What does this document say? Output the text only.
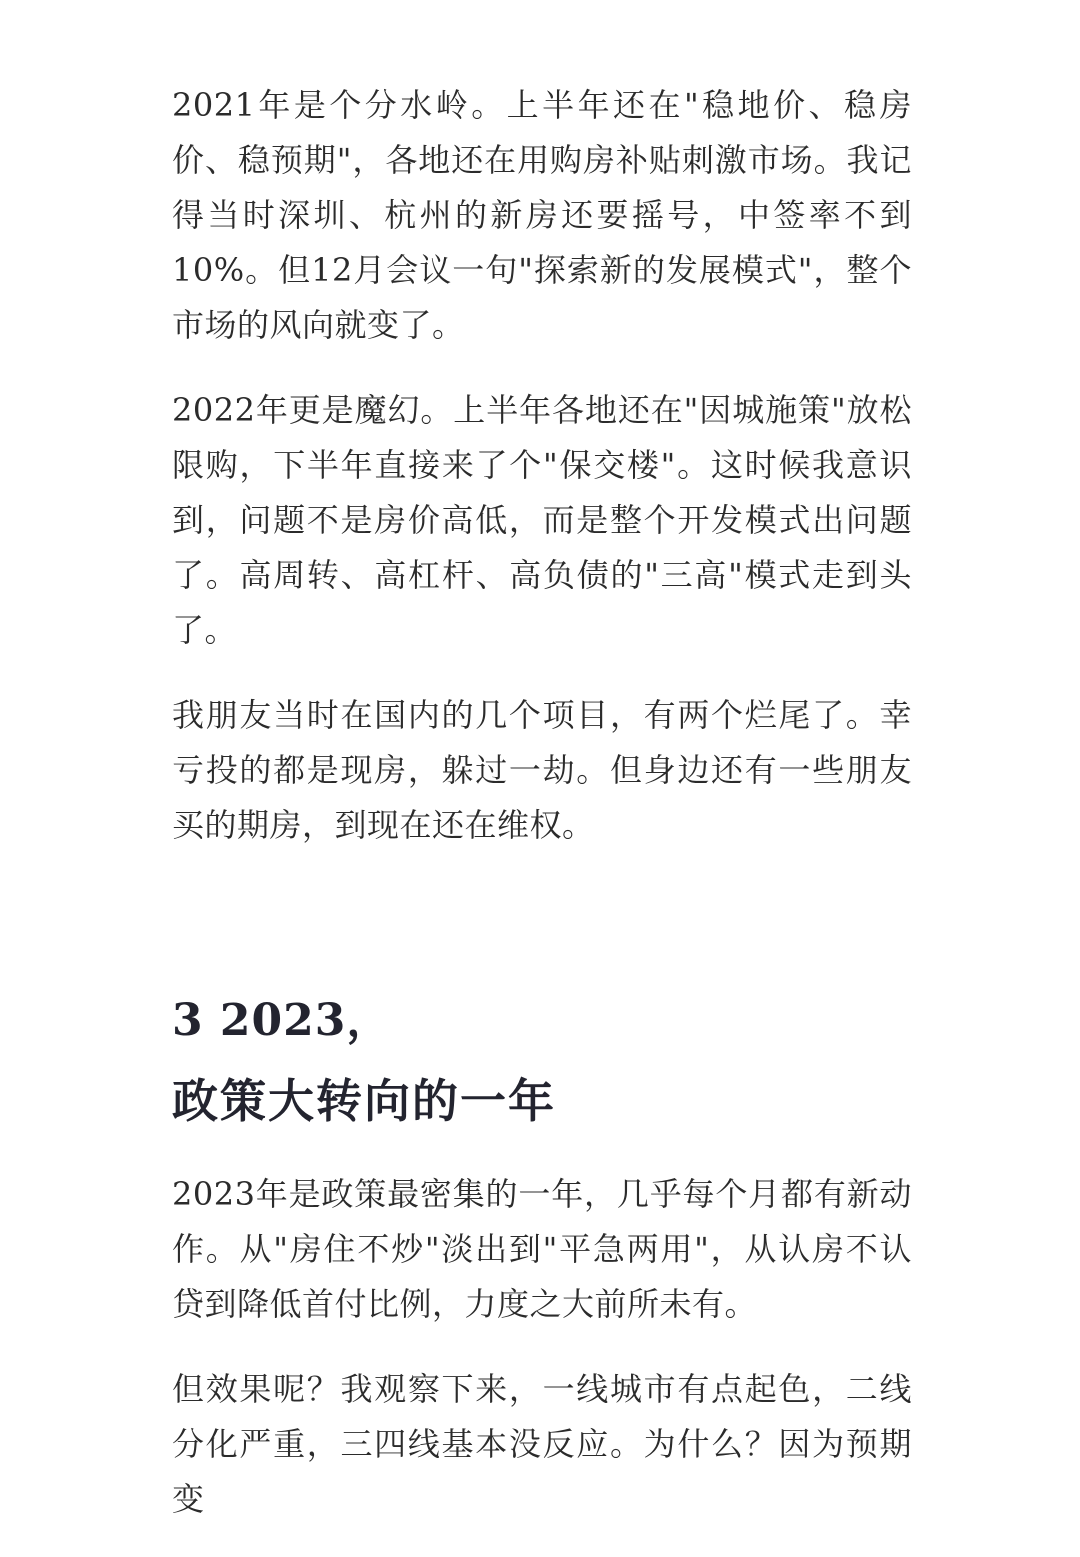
2021年是个分水岭。上半年还在"稳地价、稳房价、稳预期"，各地还在用购房补贴刺激市场。我记得当时深圳、杭州的新房还要摇号，中签率不到10%。但12月会议一句"探索新的发展模式"，整个市场的风向就变了。

2022年更是魔幻。上半年各地还在"因城施策"放松限购，下半年直接来了个"保交楼"。这时候我意识到，问题不是房价高低，而是整个开发模式出问题了。高周转、高杠杆、高负债的"三高"模式走到头了。

我朋友当时在国内的几个项目，有两个烂尾了。幸亏投的都是现房，躲过一劫。但身边还有一些朋友买的期房，到现在还在维权。

3 2023，
政策大转向的一年

2023年是政策最密集的一年，几乎每个月都有新动作。从"房住不炒"淡出到"平急两用"，从认房不认贷到降低首付比例，力度之大前所未有。

但效果呢？我观察下来，一线城市有点起色，二线分化严重，三四线基本没反应。为什么？因为预期变
